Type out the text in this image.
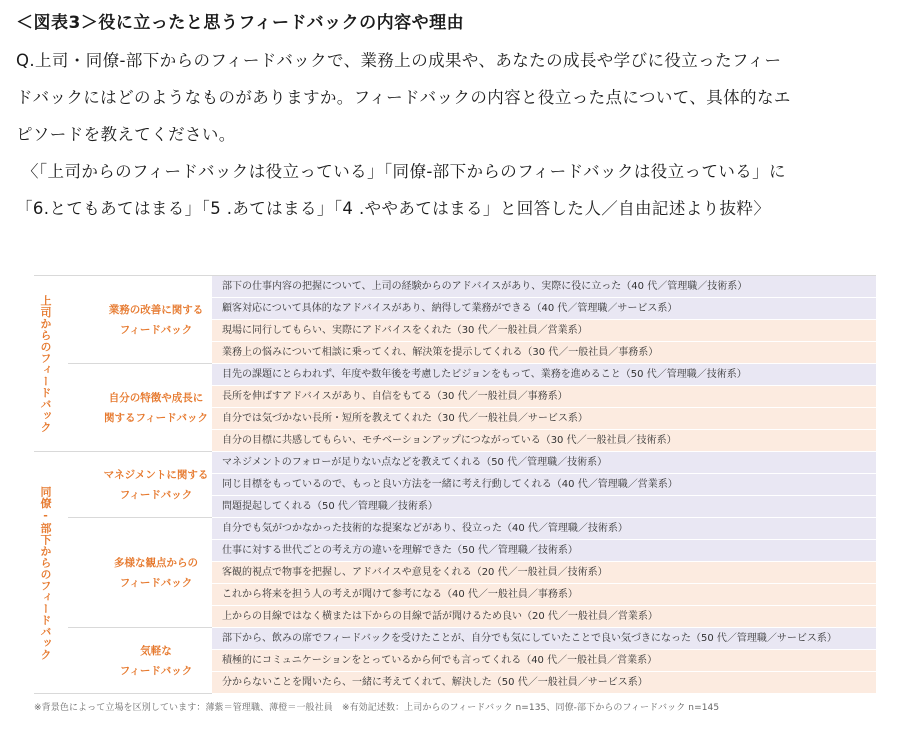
＜図表3＞役に立ったと思うフィードバックの内容や理由
Q.上司・同僚-部下からのフィードバックで、業務上の成果や、あなたの成長や学びに役立ったフィー
ドバックにはどのようなものがありますか。フィードバックの内容と役立った点について、具体的なエ
ピソードを教えてください。
〈「上司からのフィードバックは役立っている」「同僚-部下からのフィードバックは役立っている」に
「6.とてもあてはまる」「5 .あてはまる」「4 .ややあてはまる」と回答した人／自由記述より抜粋〉
上司からのフィードバック
同僚-部下からのフィードバック
部下の仕事内容の把握について、上司の経験からのアドバイスがあり、実際に役に立った（40 代／管理職／技術系）
顧客対応について具体的なアドバイスがあり、納得して業務ができる（40 代／管理職／サービス系）
現場に同行してもらい、実際にアドバイスをくれた（30 代／一般社員／営業系）
業務上の悩みについて相談に乗ってくれ、解決策を提示してくれる（30 代／一般社員／事務系）
業務の改善に関する
フィードバック
目先の課題にとらわれず、年度や数年後を考慮したビジョンをもって、業務を進めること（50 代／管理職／技術系）
長所を伸ばすアドバイスがあり、自信をもてる（30 代／一般社員／事務系）
自分では気づかない長所・短所を教えてくれた（30 代／一般社員／サービス系）
自分の目標に共感してもらい、モチベーションアップにつながっている（30 代／一般社員／技術系）
自分の特徴や成長に
関するフィードバック
マネジメントのフォローが足りない点などを教えてくれる（50 代／管理職／技術系）
同じ目標をもっているので、もっと良い方法を一緒に考え行動してくれる（40 代／管理職／営業系）
問題提起してくれる（50 代／管理職／技術系）
マネジメントに関する
フィードバック
自分でも気がつかなかった技術的な提案などがあり、役立った（40 代／管理職／技術系）
仕事に対する世代ごとの考え方の違いを理解できた（50 代／管理職／技術系）
客観的視点で物事を把握し、アドバイスや意見をくれる（20 代／一般社員／技術系）
これから将来を担う人の考えが聞けて参考になる（40 代／一般社員／事務系）
上からの目線ではなく横または下からの目線で話が聞けるため良い（20 代／一般社員／営業系）
多様な観点からの
フィードバック
部下から、飲みの席でフィードバックを受けたことが、自分でも気にしていたことで良い気づきになった（50 代／管理職／サービス系）
積極的にコミュニケーションをとっているから何でも言ってくれる（40 代／一般社員／営業系）
分からないことを聞いたら、一緒に考えてくれて、解決した（50 代／一般社員／サービス系）
気軽な
フィードバック
※背景色によって立場を区別しています：薄紫＝管理職、薄橙＝一般社員　※有効記述数：上司からのフィードバック n=135、同僚-部下からのフィードバック n=145
